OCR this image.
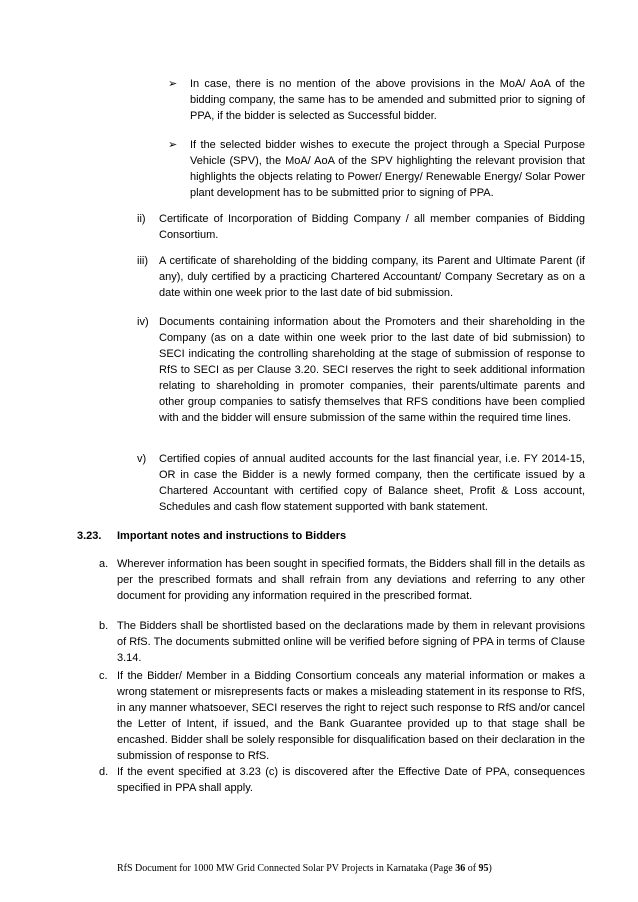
➢ In case, there is no mention of the above provisions in the MoA/ AoA of the bidding company, the same has to be amended and submitted prior to signing of PPA, if the bidder is selected as Successful bidder.
➢ If the selected bidder wishes to execute the project through a Special Purpose Vehicle (SPV), the MoA/ AoA of the SPV highlighting the relevant provision that highlights the objects relating to Power/ Energy/ Renewable Energy/ Solar Power plant development has to be submitted prior to signing of PPA.
ii) Certificate of Incorporation of Bidding Company / all member companies of Bidding Consortium.
iii) A certificate of shareholding of the bidding company, its Parent and Ultimate Parent (if any), duly certified by a practicing Chartered Accountant/ Company Secretary as on a date within one week prior to the last date of bid submission.
iv) Documents containing information about the Promoters and their shareholding in the Company (as on a date within one week prior to the last date of bid submission) to SECI indicating the controlling shareholding at the stage of submission of response to RfS to SECI as per Clause 3.20. SECI reserves the right to seek additional information relating to shareholding in promoter companies, their parents/ultimate parents and other group companies to satisfy themselves that RFS conditions have been complied with and the bidder will ensure submission of the same within the required time lines.
v) Certified copies of annual audited accounts for the last financial year, i.e. FY 2014-15, OR in case the Bidder is a newly formed company, then the certificate issued by a Chartered Accountant with certified copy of Balance sheet, Profit & Loss account, Schedules and cash flow statement supported with bank statement.
3.23. Important notes and instructions to Bidders
a. Wherever information has been sought in specified formats, the Bidders shall fill in the details as per the prescribed formats and shall refrain from any deviations and referring to any other document for providing any information required in the prescribed format.
b. The Bidders shall be shortlisted based on the declarations made by them in relevant provisions of RfS. The documents submitted online will be verified before signing of PPA in terms of Clause 3.14.
c. If the Bidder/ Member in a Bidding Consortium conceals any material information or makes a wrong statement or misrepresents facts or makes a misleading statement in its response to RfS, in any manner whatsoever, SECI reserves the right to reject such response to RfS and/or cancel the Letter of Intent, if issued, and the Bank Guarantee provided up to that stage shall be encashed. Bidder shall be solely responsible for disqualification based on their declaration in the submission of response to RfS.
d. If the event specified at 3.23 (c) is discovered after the Effective Date of PPA, consequences specified in PPA shall apply.
RfS Document for 1000 MW Grid Connected Solar PV Projects in Karnataka (Page 36 of 95)
